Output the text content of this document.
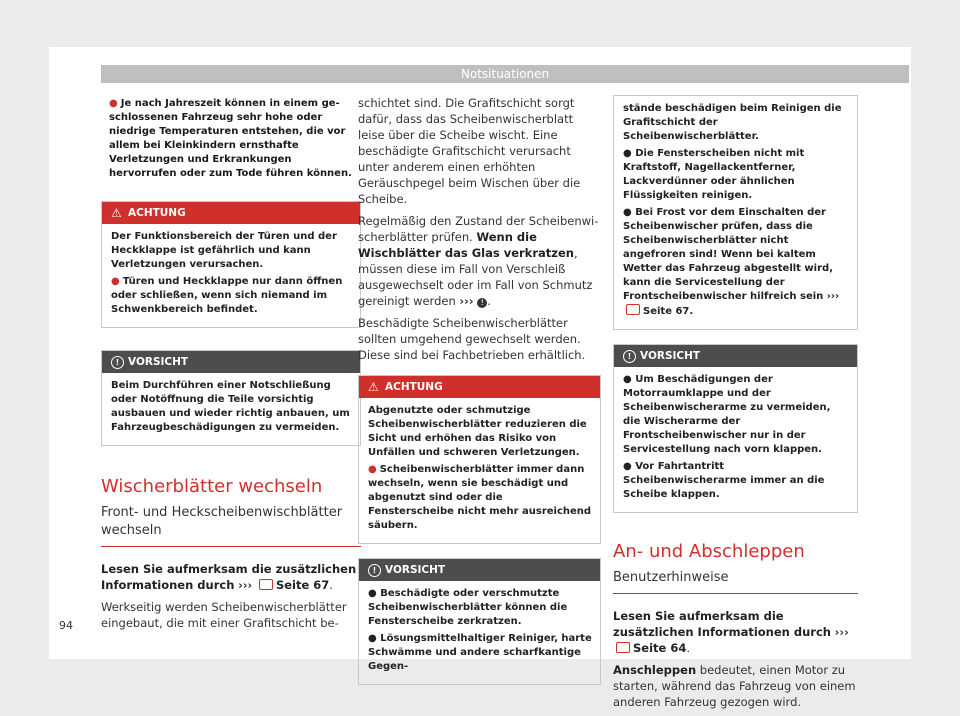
Notsituationen
● Je nach Jahreszeit können in einem geschlossenen Fahrzeug sehr hohe oder niedrige Temperaturen entstehen, die vor allem bei Kleinkindern ernsthafte Verletzungen und Erkrankungen hervorrufen oder zum Tode führen können.
⚠ ACHTUNG

Der Funktionsbereich der Türen und der Heckklappe ist gefährlich und kann Verletzungen verursachen.

● Türen und Heckklappe nur dann öffnen oder schließen, wenn sich niemand im Schwenkbereich befindet.

! VORSICHT

Beim Durchführen einer Notschließung oder Notöffnung die Teile vorsichtig ausbauen und wieder richtig anbauen, um Fahrzeugbeschädigungen zu vermeiden.

Wischerblätter wechseln
Front- und Heckscheibenwischblätter wechseln

Lesen Sie aufmerksam die zusätzlichen Informationen durch ››› Seite 67.

Werkseitig werden Scheibenwischerblätter eingebaut, die mit einer Grafitschicht be-

schichtet sind. Die Grafitschicht sorgt dafür, dass das Scheibenwischerblatt leise über die Scheibe wischt. Eine beschädigte Grafitschicht verursacht unter anderem einen erhöhten Geräuschpegel beim Wischen über die Scheibe.

Regelmäßig den Zustand der Scheibenwischerblätter prüfen. Wenn die Wischblätter das Glas verkratzen, müssen diese im Fall von Verschleiß ausgewechselt oder im Fall von Schmutz gereinigt werden ››› ! .

Beschädigte Scheibenwischerblätter sollten umgehend gewechselt werden. Diese sind bei Fachbetrieben erhältlich.

⚠ ACHTUNG

Abgenutzte oder schmutzige Scheibenwischerblätter reduzieren die Sicht und erhöhen das Risiko von Unfällen und schweren Verletzungen.

● Scheibenwischerblätter immer dann wechseln, wenn sie beschädigt und abgenutzt sind oder die Fensterscheibe nicht mehr ausreichend säubern.

! VORSICHT

● Beschädigte oder verschmutzte Scheibenwischerblätter können die Fensterscheibe zerkratzen.

● Lösungsmittelhaltiger Reiniger, harte Schwämme und andere scharfkantige Gegen-

stände beschädigen beim Reinigen die Grafitschicht der Scheibenwischerblätter.

● Die Fensterscheiben nicht mit Kraftstoff, Nagellackentferner, Lackverdünner oder ähnlichen Flüssigkeiten reinigen.

● Bei Frost vor dem Einschalten der Scheibenwischer prüfen, dass die Scheibenwischerblätter nicht angefroren sind! Wenn bei kaltem Wetter das Fahrzeug abgestellt wird, kann die Servicestellung der Frontscheibenwischer hilfreich sein ››› Seite 67.

! VORSICHT

● Um Beschädigungen der Motorraumklappe und der Scheibenwischerarme zu vermeiden, die Wischerarme der Frontscheibenwischer nur in der Servicestellung nach vorn klappen.

● Vor Fahrtantritt Scheibenwischerarme immer an die Scheibe klappen.

An- und Abschleppen
Benutzerhinweise

Lesen Sie aufmerksam die zusätzlichen Informationen durch ››› Seite 64.

Anschleppen bedeutet, einen Motor zu starten, während das Fahrzeug von einem anderen Fahrzeug gezogen wird.

94
